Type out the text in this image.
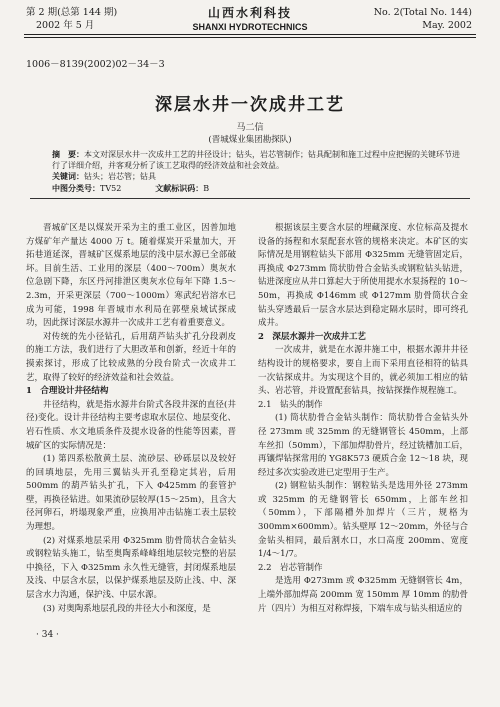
第 2 期(总第 144 期)
2002 年 5 月
山西水利科技
SHANXI HYDROTECHNICS
No. 2(Total No. 144)
May. 2002
1006－8139(2002)02－34－3
深层水井一次成井工艺
马二信
(晋城煤业集团勘探队)
摘　要：本文对深层水井一次成井工艺的井径设计；钻头，岩芯管制作；钻具配制和施工过程中应把握的关键环节进行了详细介绍，并客观分析了该工艺取得的经济效益和社会效益。
关键词：钻头；岩芯管；钻具
中图分类号：TV52	文献标识码：B

晋城矿区是以煤炭开采为主的重工业区，因普加地方煤矿年产量达 4000 万 t。随着煤炭开采量加大，开拓巷道延深，晋城矿区煤系地层的浅中层水源已全部破坏。目前生活、工业用的深层（400～700m）奥灰水位急剧下降，东区丹河排泄区奥灰水位每年下降 1.5～2.3m，开采更深层（700～1000m）寒武纪岩溶水已成为可能，1998 年晋城市水利局在郭壁泉域试探成功，因此探讨深层水源井一次成井工艺有着重要意义。

对传统的先小径钻孔，后用葫芦钻头扩孔分段剥皮的施工方法，我们进行了大胆改革和创新，经近十年的摸索探讨，形成了比较成熟的分段台阶式一次成井工艺，取得了较好的经济效益和社会效益。

1　合理设计井径结构

井径结构，就是指水源井台阶式各段井深的直径(井径)变化。设计井径结构主要考虑取水层位、地层变化、岩石性质、水文地质条件及提水设备的性能等因素，晋城矿区的实际情况是：

(1) 第四系松散黄土层、流砂层、砂砾层以及较好的回填地层，先用三翼钻头开孔至稳定其岩，后用 500mm 的葫芦钻头扩孔，下入 Φ425mm 的套管护壁，再换径钻进。如果流砂层较厚(15～25m)，且含大径河卵石，坍塌现象严重，应换用冲击钻施工表土层较为理想。

(2) 对煤系地层采用 Φ325mm 肋骨筒状合金钻头或钢粒钻头施工，钻至奥陶系峰峰组地层较完整的岩层中换径，下入 Φ325mm 永久性无缝管，封闭煤系地层及浅、中层含水层，以保护煤系地层及防止浅、中、深层含水力沟通，保护浅、中层水源。

(3) 对奥陶系地层孔段的井径大小和深度，是

根据该层主要含水层的埋藏深度、水位标高及提水设备的扬程和水泵配套水管的规格来决定。本矿区的实际情况是用钢粒钻头下部用 Φ325mm 无缝管固定后，再换成 Φ273mm 筒状肋骨合金钻头或钢粒钻头钻进，钻进深度应从井口算起大于所使用提水水泵扬程的 10～50m，再换成 Φ146mm 或 Φ127mm 肋骨筒状合金钻头穿透最后一层含水层达到稳定隔水层时，即可终孔成井。

2　深层水源井一次成井工艺

一次成井，就是在水源井施工中，根据水源井井径结构设计的规格要求，要自上而下采用直径相符的钻具一次钻探成井。为实现这个目的，就必须加工相应的钻头、岩芯管，并设置配套钻具，按钻探操作规程施工。

2.1　钻头的制作

(1) 筒状肋骨合金钻头制作：筒状肋骨合金钻头外径 273mm 或 325mm 的无缝钢管长 450mm，上部车丝扣（50mm），下部加焊肋骨片，经过铣槽加工后，再镶焊钻探常用的 YG8K573 硬质合金 12～18 块，现经过多次实验改进已定型用于生产。

(2) 钢粒钻头制作：钢粒钻头是选用外径 273mm 或 325mm 的无缝钢管长 650mm，上部车丝扣（50mm），下部隔槽外加焊片（三片，规格为 300mm×600mm）。钻头壁厚 12～20mm，外径与合金钻头相同，最后割水口，水口高度 200mm、宽度 1/4～1/7。

2.2　岩芯管制作

是选用 Φ273mm 或 Φ325mm 无缝钢管长 4m，上端外部加焊高 200mm 宽 150mm 厚 10mm 的肋骨片（四片）为相互对称焊接，下端车成与钻头相适应的

· 34 ·
